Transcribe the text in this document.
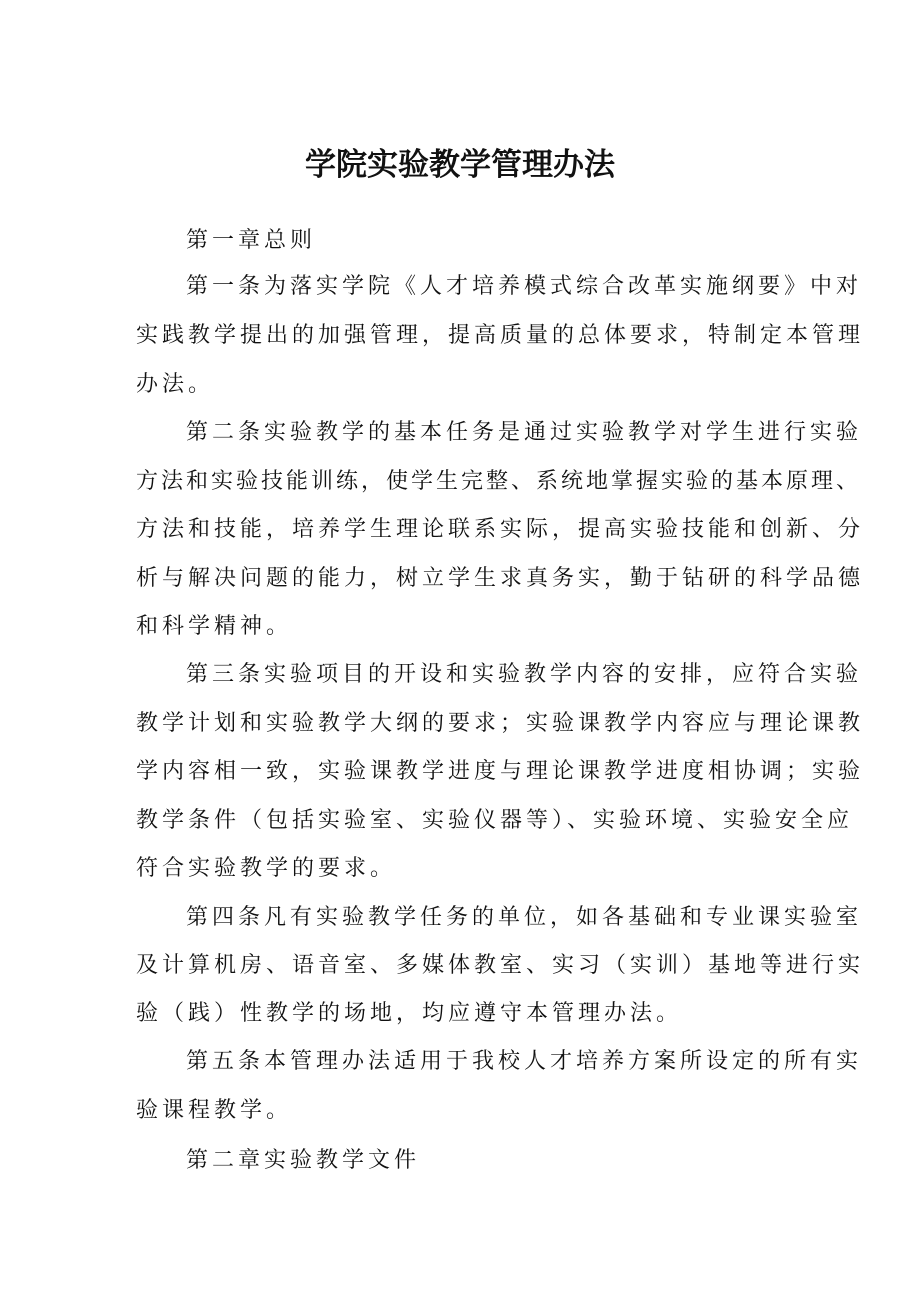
学院实验教学管理办法
第一章总则
第一条为落实学院《人才培养模式综合改革实施纲要》中对
实践教学提出的加强管理，提高质量的总体要求，特制定本管理
办法。
第二条实验教学的基本任务是通过实验教学对学生进行实验
方法和实验技能训练，使学生完整、系统地掌握实验的基本原理、
方法和技能，培养学生理论联系实际，提高实验技能和创新、分
析与解决问题的能力，树立学生求真务实，勤于钻研的科学品德
和科学精神。
第三条实验项目的开设和实验教学内容的安排，应符合实验
教学计划和实验教学大纲的要求；实验课教学内容应与理论课教
学内容相一致，实验课教学进度与理论课教学进度相协调；实验
教学条件（包括实验室、实验仪器等）、实验环境、实验安全应
符合实验教学的要求。
第四条凡有实验教学任务的单位，如各基础和专业课实验室
及计算机房、语音室、多媒体教室、实习（实训）基地等进行实
验（践）性教学的场地，均应遵守本管理办法。
第五条本管理办法适用于我校人才培养方案所设定的所有实
验课程教学。
第二章实验教学文件
